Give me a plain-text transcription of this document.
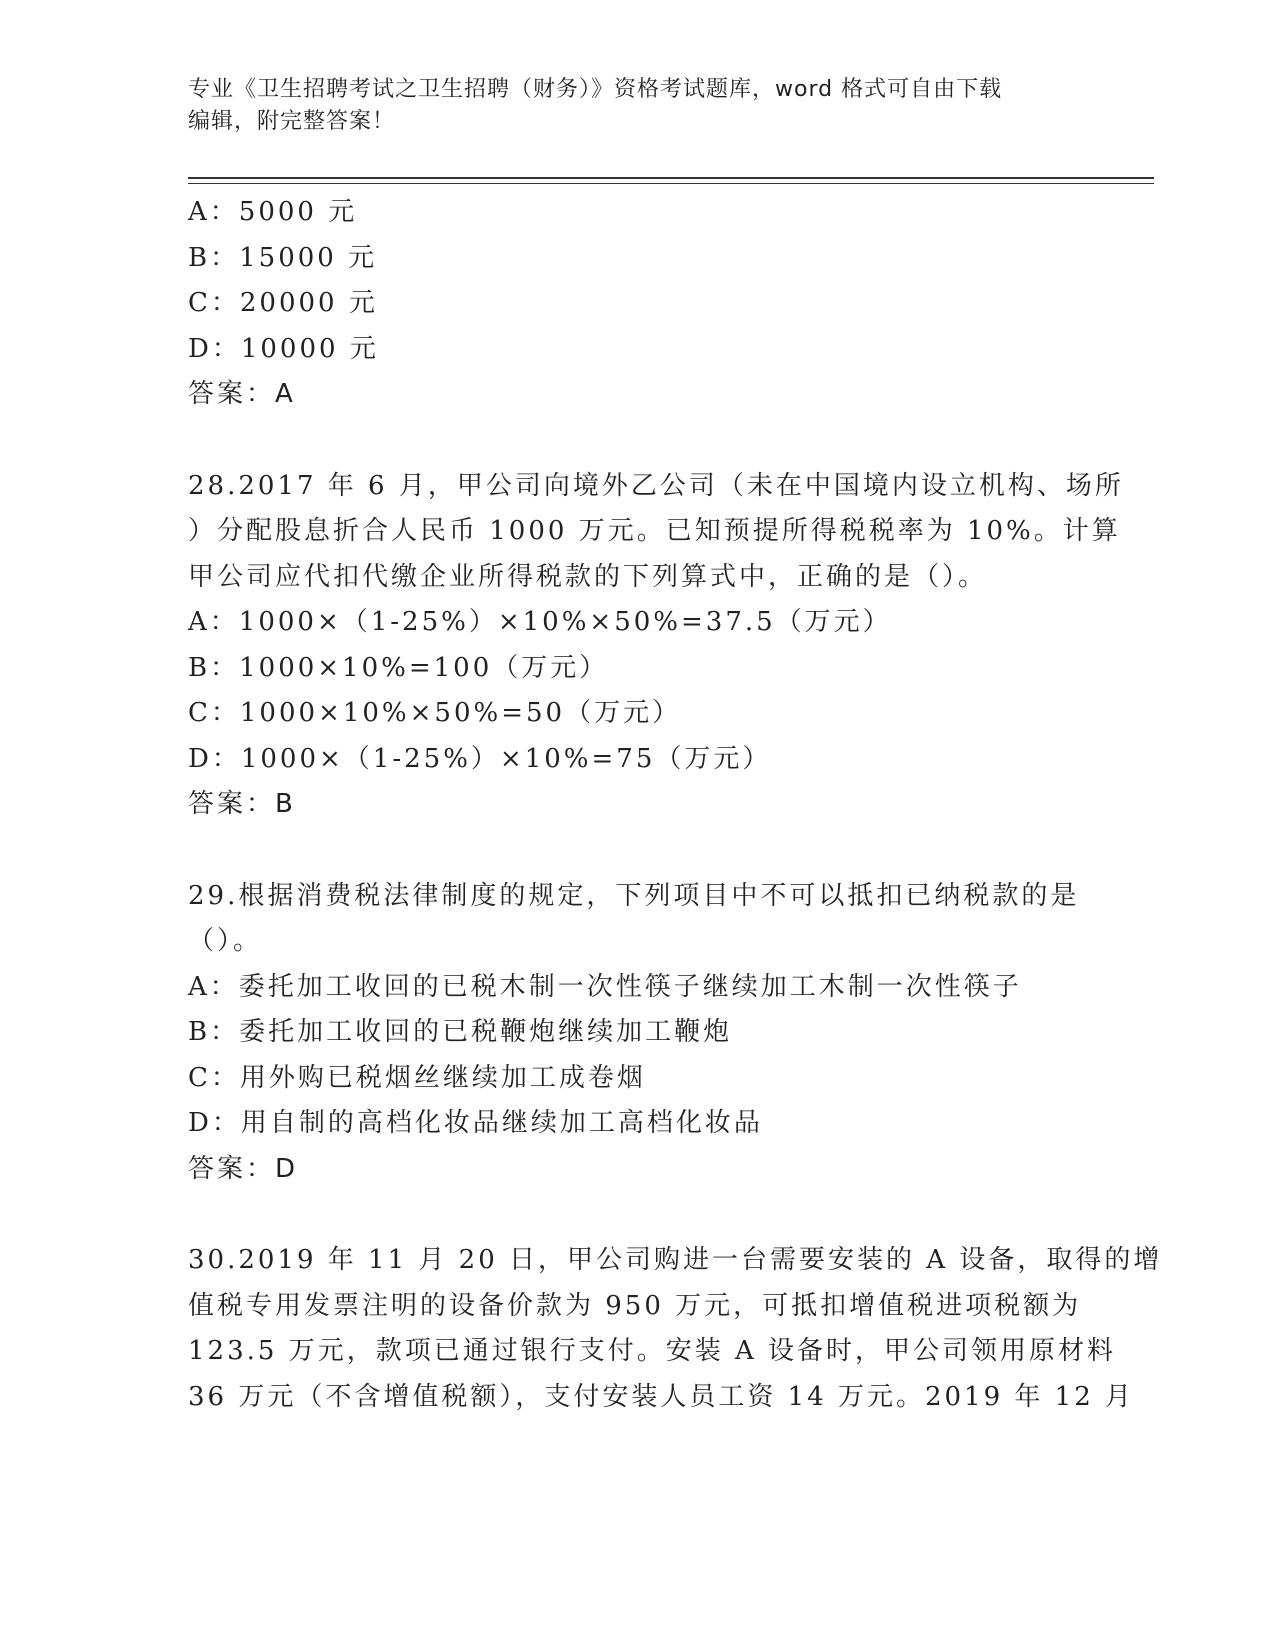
专业《卫生招聘考试之卫生招聘（财务）》资格考试题库，word 格式可自由下载
编辑，附完整答案！
A：5000 元
B：15000 元
C：20000 元
D：10000 元
答案：A
28.2017 年 6 月，甲公司向境外乙公司（未在中国境内设立机构、场所
）分配股息折合人民币 1000 万元。已知预提所得税税率为 10%。计算
甲公司应代扣代缴企业所得税款的下列算式中，正确的是（）。
A：1000×（1-25%）×10%×50%=37.5（万元）
B：1000×10%=100（万元）
C：1000×10%×50%=50（万元）
D：1000×（1-25%）×10%=75（万元）
答案：B
29.根据消费税法律制度的规定，下列项目中不可以抵扣已纳税款的是
（）。
A：委托加工收回的已税木制一次性筷子继续加工木制一次性筷子
B：委托加工收回的已税鞭炮继续加工鞭炮
C：用外购已税烟丝继续加工成卷烟
D：用自制的高档化妆品继续加工高档化妆品
答案：D
30.2019 年 11 月 20 日，甲公司购进一台需要安装的 A 设备，取得的增
值税专用发票注明的设备价款为 950 万元，可抵扣增值税进项税额为
123.5 万元，款项已通过银行支付。安装 A 设备时，甲公司领用原材料
36 万元（不含增值税额），支付安装人员工资 14 万元。2019 年 12 月
